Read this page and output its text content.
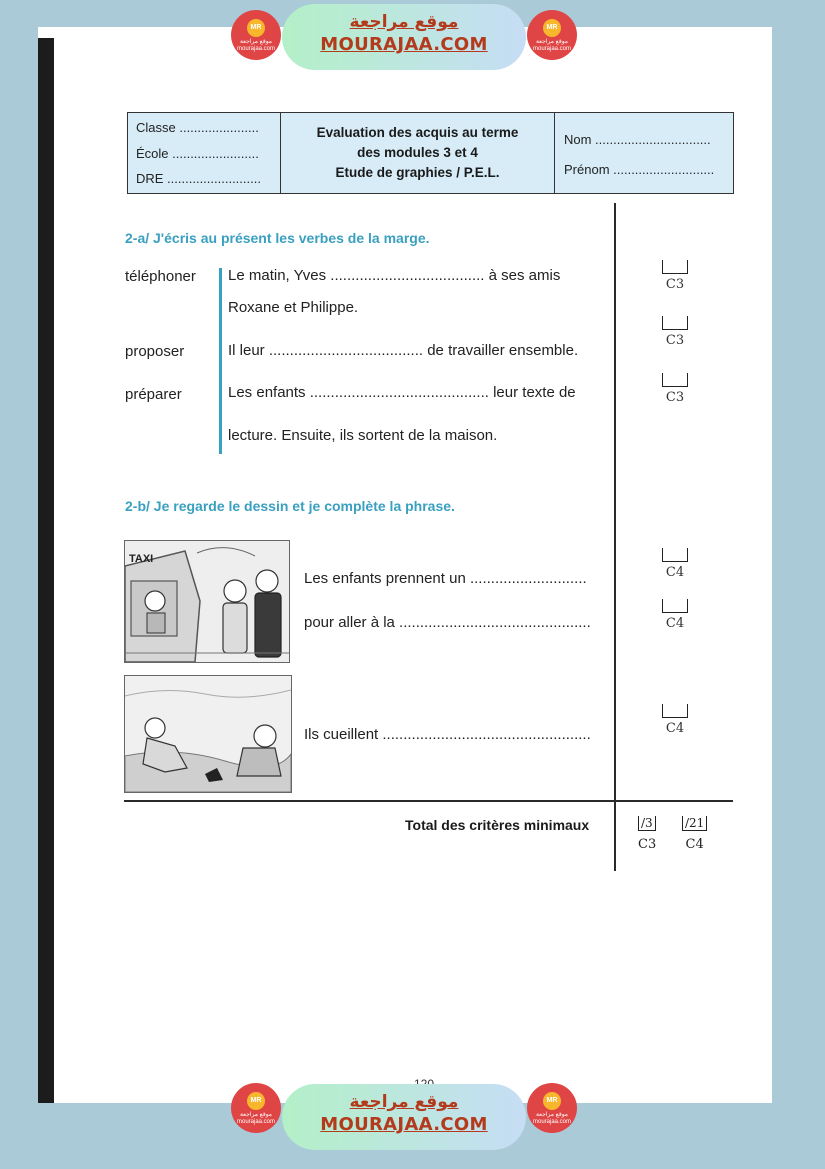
MR
موقع مراجعة
mourajaa.com
موقع مراجعة
MOURAJAA.COM
MR
موقع مراجعة
mourajaa.com
Classe ......................
École ........................
DRE ..........................
Evaluation des acquis au terme
des modules 3 et 4
Etude de graphies / P.E.L.
Nom ................................
Prénom ............................
2-a/ J'écris au présent les verbes de la marge.
téléphoner
proposer
préparer
Le matin, Yves ..................................... à ses amis
Roxane et Philippe.
Il leur ..................................... de travailler ensemble.
Les enfants ........................................... leur texte de
lecture. Ensuite, ils sortent de la maison.
C3
C3
C3
2-b/ Je regarde le dessin et je complète la phrase.
TAXI
Les enfants prennent un ............................
pour aller à la ..............................................
Ils cueillent ..................................................
C4
C4
C4
Total des critères minimaux	/3
C3
/21
C4
MR
موقع مراجعة
mourajaa.com
موقع مراجعة
MOURAJAA.COM
MR
موقع مراجعة
mourajaa.com
